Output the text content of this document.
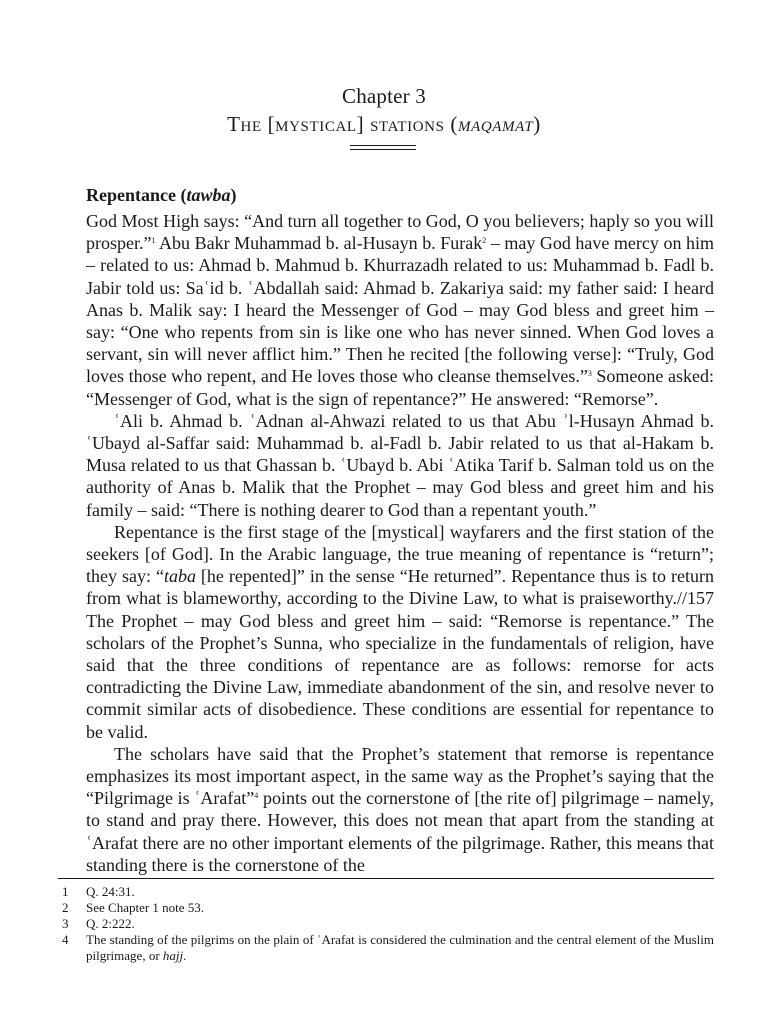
Chapter 3
The [mystical] stations (maqamat)
Repentance (tawba)

God Most High says: “And turn all together to God, O you believers; haply so you will prosper.”$^1$ Abu Bakr Muhammad b. al-Husayn b. Furak$^2$ – may God have mercy on him – related to us: Ahmad b. Mahmud b. Khurrazadh related to us: Muhammad b. Fadl b. Jabir told us: Saʿid b. ʿAbdallah said: Ahmad b. Zakariya said: my father said: I heard Anas b. Malik say: I heard the Messenger of God – may God bless and greet him – say: “One who repents from sin is like one who has never sinned. When God loves a servant, sin will never afflict him.” Then he recited [the following verse]: “Truly, God loves those who repent, and He loves those who cleanse themselves.”$^3$ Someone asked: “Messenger of God, what is the sign of repentance?” He answered: “Remorse”.

ʿAli b. Ahmad b. ʿAdnan al-Ahwazi related to us that Abu ʾl-Husayn Ahmad b. ʿUbayd al-Saffar said: Muhammad b. al-Fadl b. Jabir related to us that al-Hakam b. Musa related to us that Ghassan b. ʿUbayd b. Abi ʿAtika Tarif b. Salman told us on the authority of Anas b. Malik that the Prophet – may God bless and greet him and his family – said: “There is nothing dearer to God than a repentant youth.”

Repentance is the first stage of the [mystical] wayfarers and the first station of the seekers [of God]. In the Arabic language, the true meaning of repentance is “return”; they say: “taba [he repented]” in the sense “He returned”. Repentance thus is to return from what is blameworthy, according to the Divine Law, to what is praiseworthy.//157 The Prophet – may God bless and greet him – said: “Remorse is repentance.” The scholars of the Prophet’s Sunna, who specialize in the fundamentals of religion, have said that the three conditions of repentance are as follows: remorse for acts contradicting the Divine Law, immediate abandonment of the sin, and resolve never to commit similar acts of disobedience. These conditions are essential for repentance to be valid.

The scholars have said that the Prophet’s statement that remorse is repentance emphasizes its most important aspect, in the same way as the Prophet’s saying that the “Pilgrimage is ʿArafat”$^4$ points out the cornerstone of [the rite of] pilgrimage – namely, to stand and pray there. However, this does not mean that apart from the standing at ʿArafat there are no other important elements of the pilgrimage. Rather, this means that standing there is the cornerstone of the

1	Q. 24:31.
2	See Chapter 1 note 53.
3	Q. 2:222.
4	The standing of the pilgrims on the plain of ʿArafat is considered the culmination and the central element of the Muslim pilgrimage, or hajj.
